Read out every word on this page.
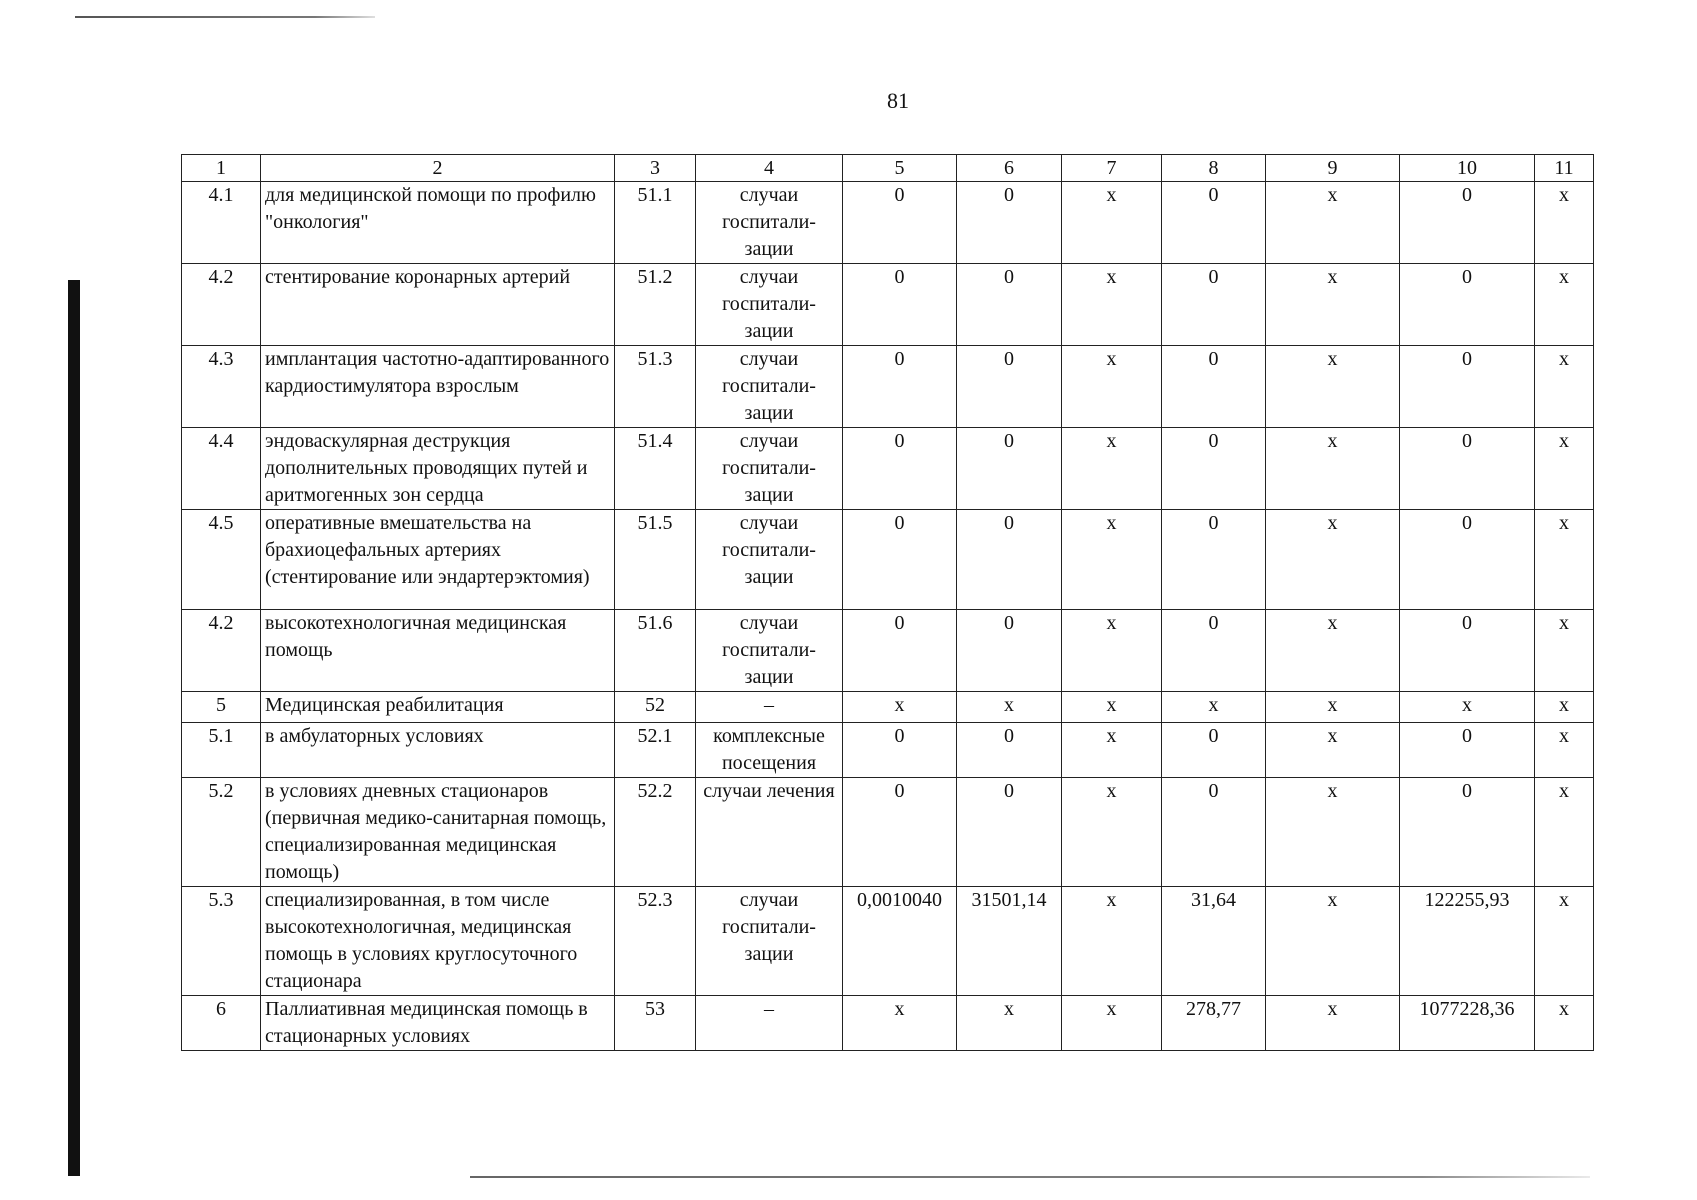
81
1	2	3	4	5	6	7	8	9	10	11
4.1	для медицинской помощи по профилю "онкология"	51.1	случаи госпитали-зации	0	0	х	0	х	0	х
4.2	стентирование коронарных артерий	51.2	случаи госпитали-зации	0	0	х	0	х	0	х
4.3	имплантация частотно-адаптированного кардиостимулятора взрослым	51.3	случаи госпитали-зации	0	0	х	0	х	0	х
4.4	эндоваскулярная деструкция дополнительных проводящих путей и аритмогенных зон сердца	51.4	случаи госпитали-зации	0	0	х	0	х	0	х
4.5	оперативные вмешательства на брахиоцефальных артериях (стентирование или эндартерэктомия)	51.5	случаи госпитали-зации	0	0	х	0	х	0	х
4.2	высокотехнологичная медицинская помощь	51.6	случаи госпитали-зации	0	0	х	0	х	0	х
5	Медицинская реабилитация	52	–	х	х	х	х	х	х	х
5.1	в амбулаторных условиях	52.1	комплексные посещения	0	0	х	0	х	0	х
5.2	в условиях дневных стационаров (первичная медико-санитарная помощь, специализированная медицинская помощь)	52.2	случаи лечения	0	0	х	0	х	0	х
5.3	специализированная, в том числе высокотехнологичная, медицинская помощь в условиях круглосуточного стационара	52.3	случаи госпитали-зации	0,0010040	31501,14	х	31,64	х	122255,93	х
6	Паллиативная медицинская помощь в стационарных условиях	53	–	х	х	х	278,77	х	1077228,36	х
